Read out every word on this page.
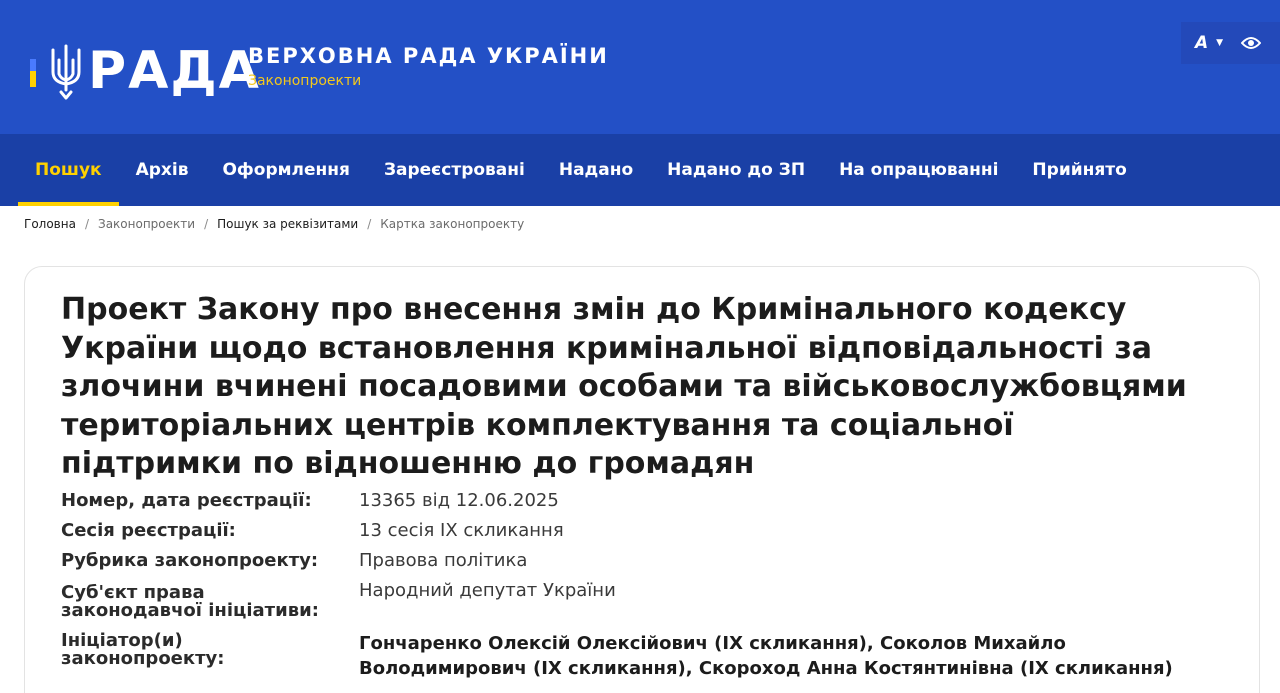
РАДА
ВЕРХОВНА РАДА УКРАЇНИ
Законопроекти
A ▼
Пошук	Архів	Оформлення	Зареєстровані	Надано	Надано до ЗП	На опрацюванні	Прийнято
Головна / Законопроекти / Пошук за реквізитами / Картка законопроекту
Проект Закону про внесення змін до Кримінального кодексу України щодо встановлення кримінальної відповідальності за злочини вчинені посадовими особами та військовослужбовцями територіальних центрів комплектування та соціальної підтримки по відношенню до громадян
Номер, дата реєстрації:	13365 від 12.06.2025
Сесія реєстрації:	13 сесія IX скликання
Рубрика законопроекту: Правова політика
Суб'єкт права законодавчої ініціативи:
Народний депутат України
Ініціатор(и) законопроекту:
Гончаренко Олексій Олексійович (IX скликання), Соколов Михайло Володимирович (IX скликання), Скороход Анна Костянтинівна (IX скликання)
